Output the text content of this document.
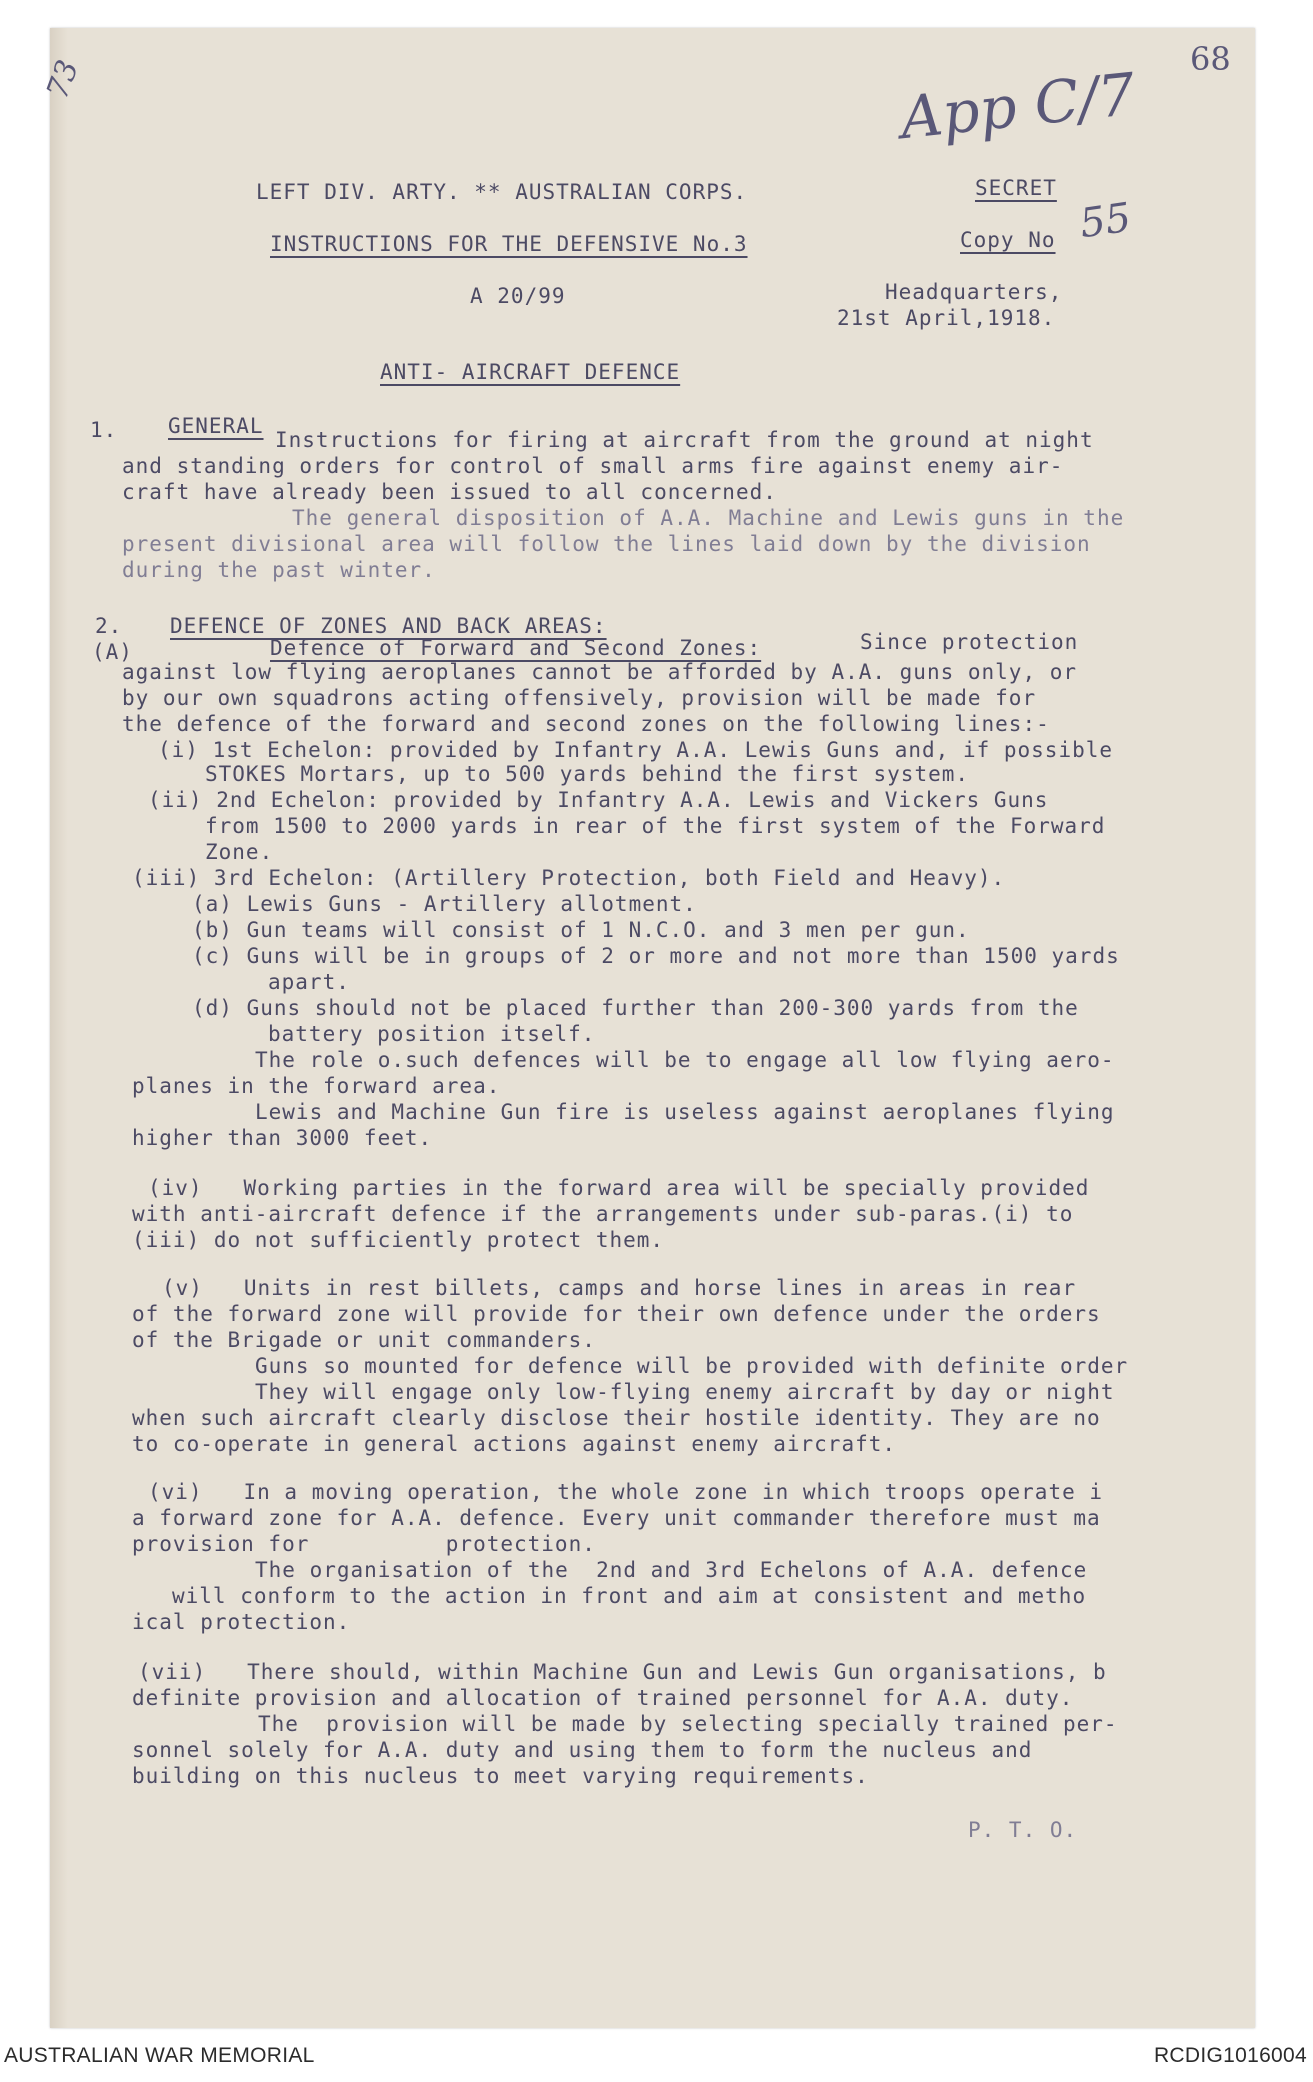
73	68
App C/7
55
LEFT DIV. ARTY. ** AUSTRALIAN CORPS.
INSTRUCTIONS FOR THE DEFENSIVE No.3
A 20/99
SECRET
Copy No
Headquarters,
21st April,1918.
ANTI- AIRCRAFT DEFENCE
1. GENERAL
Instructions for firing at aircraft from the ground at night
and standing orders for control of small arms fire against enemy air-
craft have already been issued to all concerned.
The general disposition of A.A. Machine and Lewis guns in the
present divisional area will follow the lines laid down by the division
during the past winter.
2. DEFENCE OF ZONES AND BACK AREAS:
(A)	Defence of Forward and Second Zones:	Since protection
against low flying aeroplanes cannot be afforded by A.A. guns only, or
by our own squadrons acting offensively, provision will be made for
the defence of the forward and second zones on the following lines:-
(i) 1st Echelon: provided by Infantry A.A. Lewis Guns and, if possible
STOKES Mortars, up to 500 yards behind the first system.
(ii) 2nd Echelon: provided by Infantry A.A. Lewis and Vickers Guns
from 1500 to 2000 yards in rear of the first system of the Forward
Zone.
(iii) 3rd Echelon: (Artillery Protection, both Field and Heavy).
(a) Lewis Guns - Artillery allotment.
(b) Gun teams will consist of 1 N.C.O. and 3 men per gun.
(c) Guns will be in groups of 2 or more and not more than 1500 yards
apart.
(d) Guns should not be placed further than 200-300 yards from the
battery position itself.
The role o.such defences will be to engage all low flying aero-
planes in the forward area.
Lewis and Machine Gun fire is useless against aeroplanes flying
higher than 3000 feet.
(iv)   Working parties in the forward area will be specially provided
with anti-aircraft defence if the arrangements under sub-paras.(i) to
(iii) do not sufficiently protect them.
(v)   Units in rest billets, camps and horse lines in areas in rear
of the forward zone will provide for their own defence under the orders
of the Brigade or unit commanders.
Guns so mounted for defence will be provided with definite order
They will engage only low-flying enemy aircraft by day or night
when such aircraft clearly disclose their hostile identity. They are no
to co-operate in general actions against enemy aircraft.
(vi)   In a moving operation, the whole zone in which troops operate i
a forward zone for A.A. defence. Every unit commander therefore must ma
provision for          protection.
The organisation of the  2nd and 3rd Echelons of A.A. defence
will conform to the action in front and aim at consistent and metho
ical protection.
(vii)   There should, within Machine Gun and Lewis Gun organisations, b
definite provision and allocation of trained personnel for A.A. duty.
The  provision will be made by selecting specially trained per-
sonnel solely for A.A. duty and using them to form the nucleus and
building on this nucleus to meet varying requirements.
P. T. O.
AUSTRALIAN WAR MEMORIAL	RCDIG1016004
